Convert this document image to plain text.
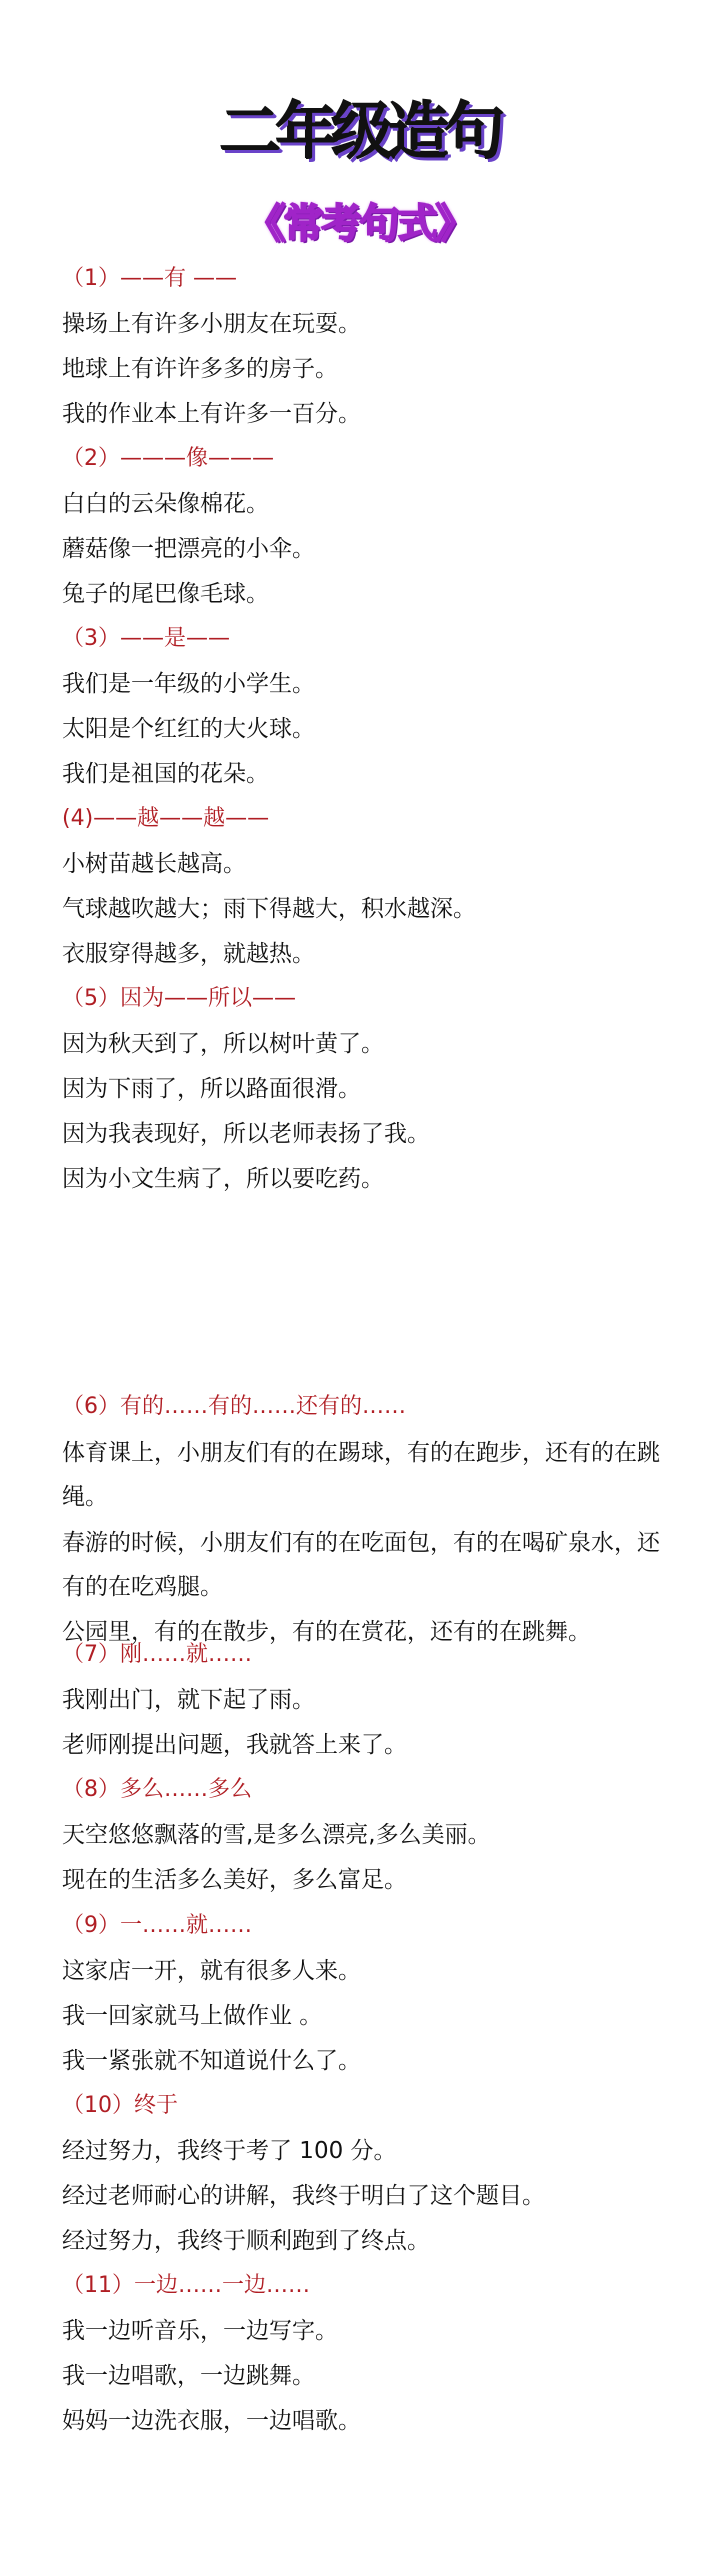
二年级造句
《常考句式》
（1）——有 ——
操场上有许多小朋友在玩耍。
地球上有许许多多的房子。
我的作业本上有许多一百分。
（2）———像———
白白的云朵像棉花。
蘑菇像一把漂亮的小伞。
兔子的尾巴像毛球。
（3）——是——
我们是一年级的小学生。
太阳是个红红的大火球。
我们是祖国的花朵。
(4)——越——越——
小树苗越长越高。
气球越吹越大；雨下得越大，积水越深。
衣服穿得越多，就越热。
（5）因为——所以——
因为秋天到了，所以树叶黄了。
因为下雨了，所以路面很滑。
因为我表现好，所以老师表扬了我。
因为小文生病了，所以要吃药。
（6）有的……有的……还有的……
体育课上，小朋友们有的在踢球，有的在跑步，还有的在跳绳。
春游的时候，小朋友们有的在吃面包，有的在喝矿泉水，还有的在吃鸡腿。
公园里，有的在散步，有的在赏花，还有的在跳舞。
（7）刚……就……
我刚出门，就下起了雨。
老师刚提出问题，我就答上来了。
（8）多么……多么
天空悠悠飘落的雪,是多么漂亮,多么美丽。
现在的生活多么美好，多么富足。
（9）一……就……
这家店一开，就有很多人来。
我一回家就马上做作业 。
我一紧张就不知道说什么了。
（10）终于
经过努力，我终于考了 100 分。
经过老师耐心的讲解，我终于明白了这个题目。
经过努力，我终于顺利跑到了终点。
（11）一边……一边……
我一边听音乐，一边写字。
我一边唱歌，一边跳舞。
妈妈一边洗衣服，一边唱歌。
